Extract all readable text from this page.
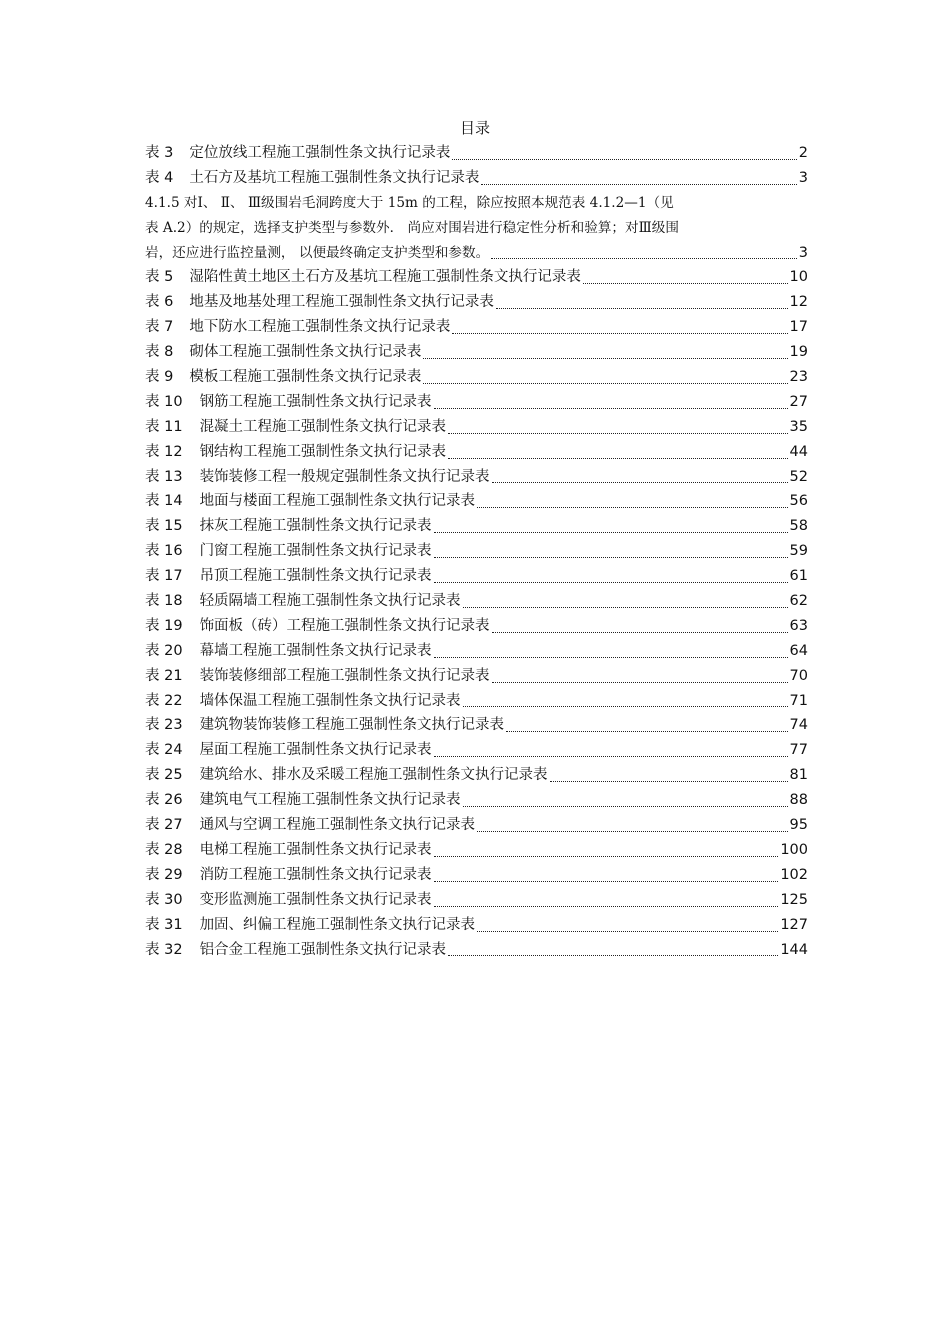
目录
表 3 定位放线工程施工强制性条文执行记录表	2
表 4 土石方及基坑工程施工强制性条文执行记录表	3
4.1.5 对Ⅰ、 Ⅱ、 Ⅲ级围岩毛洞跨度大于 15m 的工程，除应按照本规范表 4.1.2—1（见
表 A.2）的规定，选择支护类型与参数外． 尚应对围岩进行稳定性分析和验算；对Ⅲ级围
岩，还应进行监控量测， 以便最终确定支护类型和参数。	3
表 5 湿陷性黄土地区土石方及基坑工程施工强制性条文执行记录表	10
表 6 地基及地基处理工程施工强制性条文执行记录表	12
表 7 地下防水工程施工强制性条文执行记录表	17
表 8 砌体工程施工强制性条文执行记录表	19
表 9 模板工程施工强制性条文执行记录表	23
表 10 钢筋工程施工强制性条文执行记录表	27
表 11 混凝土工程施工强制性条文执行记录表	35
表 12 钢结构工程施工强制性条文执行记录表	44
表 13 装饰装修工程一般规定强制性条文执行记录表	52
表 14 地面与楼面工程施工强制性条文执行记录表	56
表 15 抹灰工程施工强制性条文执行记录表	58
表 16 门窗工程施工强制性条文执行记录表	59
表 17 吊顶工程施工强制性条文执行记录表	61
表 18 轻质隔墙工程施工强制性条文执行记录表	62
表 19 饰面板（砖）工程施工强制性条文执行记录表	63
表 20 幕墙工程施工强制性条文执行记录表	64
表 21 装饰装修细部工程施工强制性条文执行记录表	70
表 22 墙体保温工程施工强制性条文执行记录表	71
表 23 建筑物装饰装修工程施工强制性条文执行记录表	74
表 24 屋面工程施工强制性条文执行记录表	77
表 25 建筑给水、排水及采暖工程施工强制性条文执行记录表	81
表 26 建筑电气工程施工强制性条文执行记录表	88
表 27 通风与空调工程施工强制性条文执行记录表	95
表 28 电梯工程施工强制性条文执行记录表	100
表 29 消防工程施工强制性条文执行记录表	102
表 30 变形监测施工强制性条文执行记录表	125
表 31 加固、纠偏工程施工强制性条文执行记录表	127
表 32 铝合金工程施工强制性条文执行记录表	144
